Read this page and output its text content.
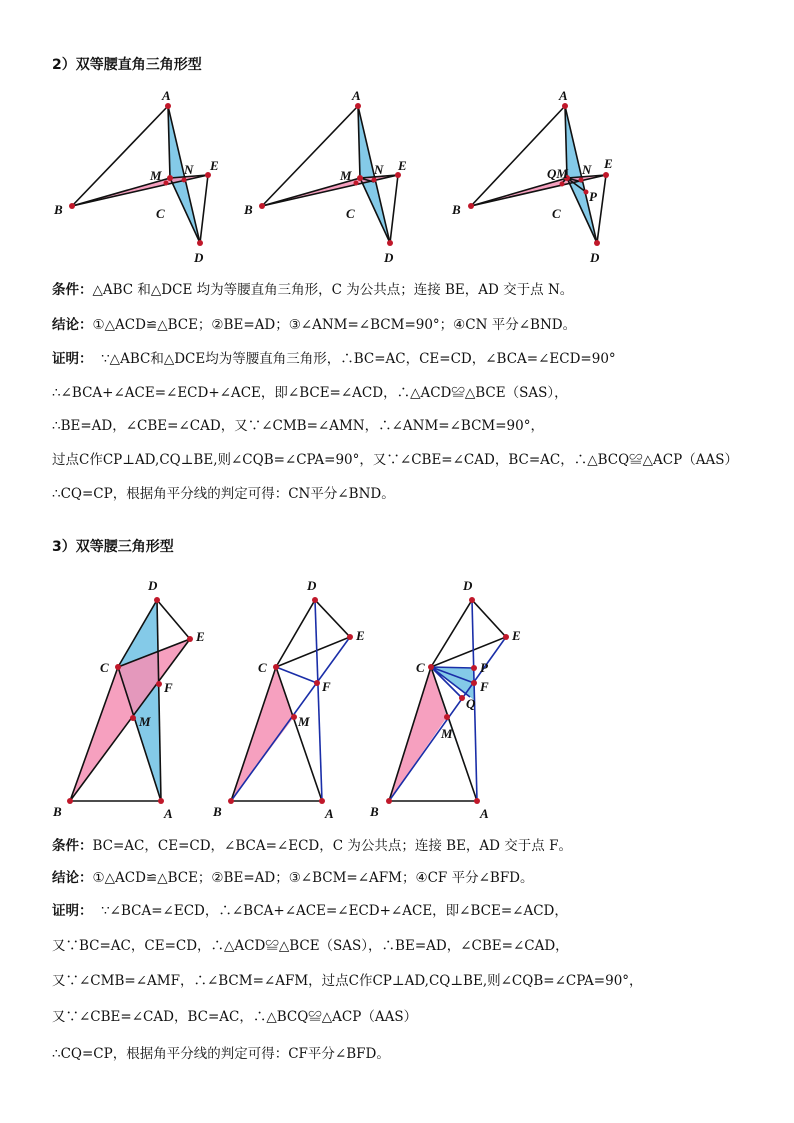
2）双等腰直角三角形型
A
B	C
D
E
M N
A
B	C
D
E
M N
A
B	C
D
E
QM N
P
条件：△ABC 和△DCE 均为等腰直角三角形，C 为公共点；连接 BE，AD 交于点 N。
结论：①△ACD≌△BCE；②BE=AD；③∠ANM=∠BCM=90°；④CN 平分∠BND。
证明： ∵△ABC和△DCE均为等腰直角三角形，∴BC=AC，CE=CD，∠BCA=∠ECD=90°
∴∠BCA+∠ACE=∠ECD+∠ACE，即∠BCE=∠ACD，∴△ACD≌△BCE（SAS），
∴BE=AD，∠CBE=∠CAD，又∵∠CMB=∠AMN，∴∠ANM=∠BCM=90°，
过点C作CP⊥AD,CQ⊥BE,则∠CQB=∠CPA=90°，又∵∠CBE=∠CAD，BC=AC，∴△BCQ≌△ACP（AAS）
∴CQ=CP，根据角平分线的判定可得：CN平分∠BND。
3）双等腰三角形型
D
E
C
F
M
B	A
D
E
C
F
M
B	A
D
E
C	P
F
Q
M
B	A
条件：BC=AC，CE=CD，∠BCA=∠ECD，C 为公共点；连接 BE，AD 交于点 F。
结论：①△ACD≌△BCE；②BE=AD；③∠BCM=∠AFM；④CF 平分∠BFD。
证明： ∵∠BCA=∠ECD，∴∠BCA+∠ACE=∠ECD+∠ACE，即∠BCE=∠ACD，
又∵BC=AC，CE=CD，∴△ACD≌△BCE（SAS），∴BE=AD，∠CBE=∠CAD，
又∵∠CMB=∠AMF，∴∠BCM=∠AFM，过点C作CP⊥AD,CQ⊥BE,则∠CQB=∠CPA=90°，
又∵∠CBE=∠CAD，BC=AC，∴△BCQ≌△ACP（AAS）
∴CQ=CP，根据角平分线的判定可得：CF平分∠BFD。
